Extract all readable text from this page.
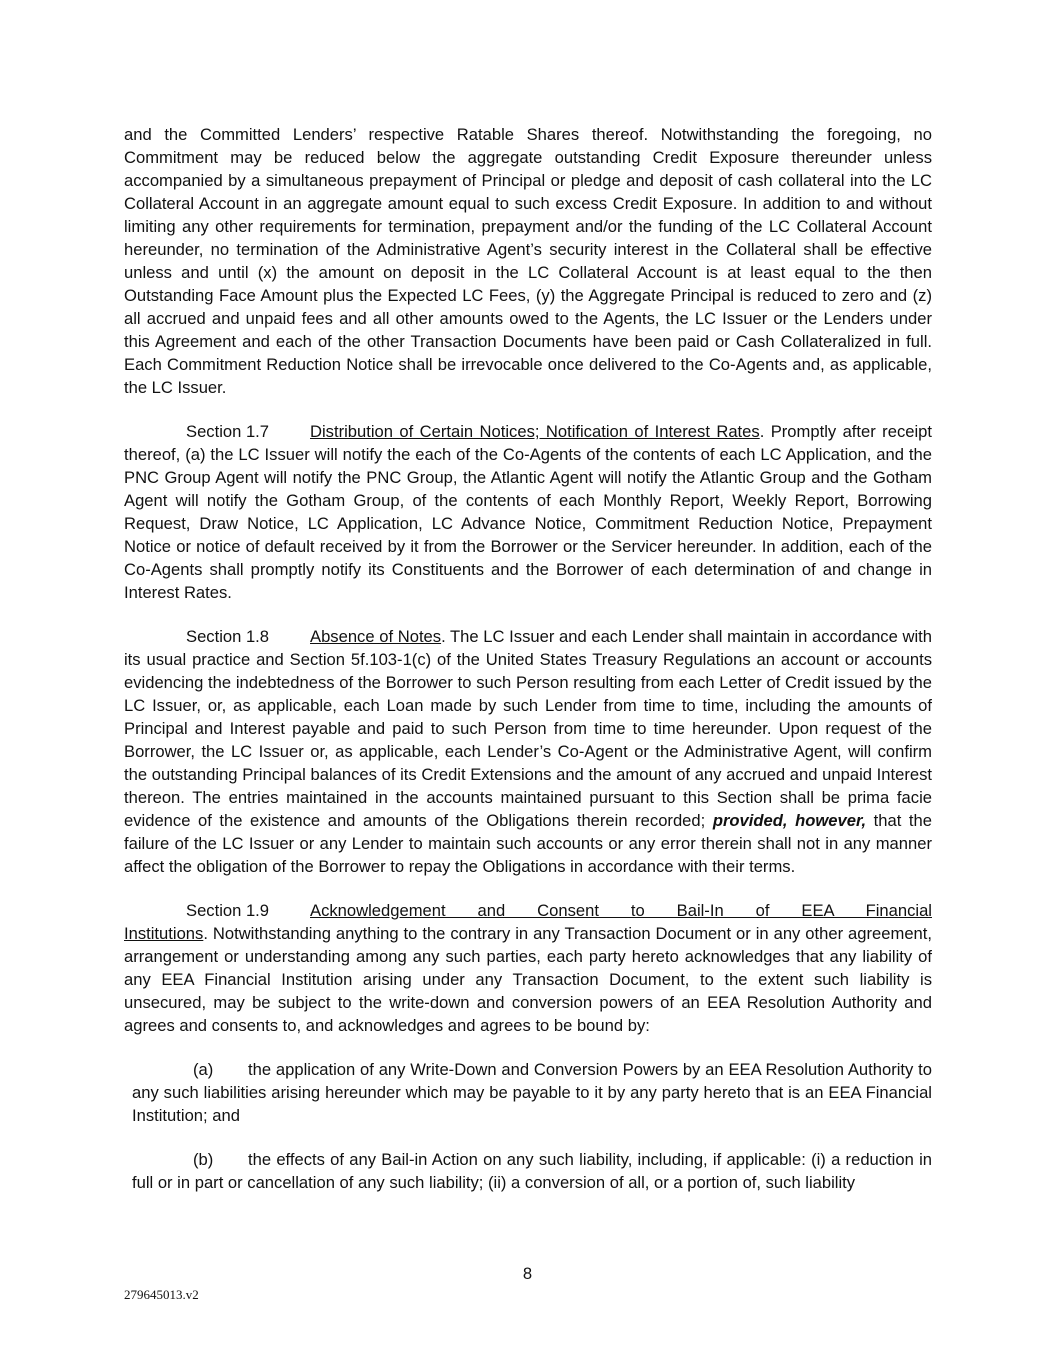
and the Committed Lenders’ respective Ratable Shares thereof. Notwithstanding the foregoing, no Commitment may be reduced below the aggregate outstanding Credit Exposure thereunder unless accompanied by a simultaneous prepayment of Principal or pledge and deposit of cash collateral into the LC Collateral Account in an aggregate amount equal to such excess Credit Exposure. In addition to and without limiting any other requirements for termination, prepayment and/or the funding of the LC Collateral Account hereunder, no termination of the Administrative Agent’s security interest in the Collateral shall be effective unless and until (x) the amount on deposit in the LC Collateral Account is at least equal to the then Outstanding Face Amount plus the Expected LC Fees, (y) the Aggregate Principal is reduced to zero and (z) all accrued and unpaid fees and all other amounts owed to the Agents, the LC Issuer or the Lenders under this Agreement and each of the other Transaction Documents have been paid or Cash Collateralized in full. Each Commitment Reduction Notice shall be irrevocable once delivered to the Co-Agents and, as applicable, the LC Issuer.

Section 1.7 Distribution of Certain Notices; Notification of Interest Rates. Promptly after receipt thereof, (a) the LC Issuer will notify the each of the Co-Agents of the contents of each LC Application, and the PNC Group Agent will notify the PNC Group, the Atlantic Agent will notify the Atlantic Group and the Gotham Agent will notify the Gotham Group, of the contents of each Monthly Report, Weekly Report, Borrowing Request, Draw Notice, LC Application, LC Advance Notice, Commitment Reduction Notice, Prepayment Notice or notice of default received by it from the Borrower or the Servicer hereunder. In addition, each of the Co-Agents shall promptly notify its Constituents and the Borrower of each determination of and change in Interest Rates.

Section 1.8 Absence of Notes. The LC Issuer and each Lender shall maintain in accordance with its usual practice and Section 5f.103-1(c) of the United States Treasury Regulations an account or accounts evidencing the indebtedness of the Borrower to such Person resulting from each Letter of Credit issued by the LC Issuer, or, as applicable, each Loan made by such Lender from time to time, including the amounts of Principal and Interest payable and paid to such Person from time to time hereunder. Upon request of the Borrower, the LC Issuer or, as applicable, each Lender’s Co-Agent or the Administrative Agent, will confirm the outstanding Principal balances of its Credit Extensions and the amount of any accrued and unpaid Interest thereon. The entries maintained in the accounts maintained pursuant to this Section shall be prima facie evidence of the existence and amounts of the Obligations therein recorded; provided, however, that the failure of the LC Issuer or any Lender to maintain such accounts or any error therein shall not in any manner affect the obligation of the Borrower to repay the Obligations in accordance with their terms.

Section 1.9 Acknowledgement and Consent to Bail-In of EEA Financial Institutions. Notwithstanding anything to the contrary in any Transaction Document or in any other agreement, arrangement or understanding among any such parties, each party hereto acknowledges that any liability of any EEA Financial Institution arising under any Transaction Document, to the extent such liability is unsecured, may be subject to the write-down and conversion powers of an EEA Resolution Authority and agrees and consents to, and acknowledges and agrees to be bound by:

(a) the application of any Write-Down and Conversion Powers by an EEA Resolution Authority to any such liabilities arising hereunder which may be payable to it by any party hereto that is an EEA Financial Institution; and

(b) the effects of any Bail-in Action on any such liability, including, if applicable: (i) a reduction in full or in part or cancellation of any such liability; (ii) a conversion of all, or a portion of, such liability

8
279645013.v2
